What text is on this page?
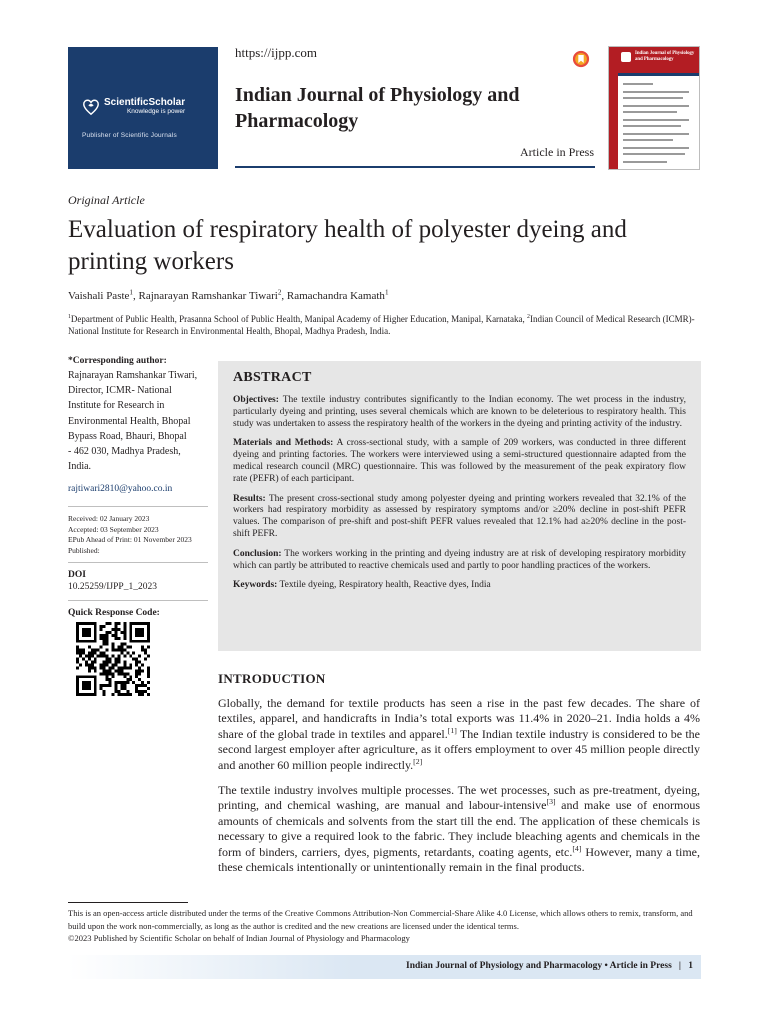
ScientificScholar
Knowledge is power
Publisher of Scientific Journals
https://ijpp.com
Indian Journal of Physiology and Pharmacology
Article in Press
Indian Journal of Physiology and Pharmacology
Original Article
Evaluation of respiratory health of polyester dyeing and printing workers
Vaishali Paste$^1$, Rajnarayan Ramshankar Tiwari$^2$, Ramachandra Kamath$^1$
$^1$Department of Public Health, Prasanna School of Public Health, Manipal Academy of Higher Education, Manipal, Karnataka, $^2$Indian Council of Medical Research (ICMR)-National Institute for Research in Environmental Health, Bhopal, Madhya Pradesh, India.
*Corresponding author:
Rajnarayan Ramshankar Tiwari,
Director, ICMR- National
Institute for Research in
Environmental Health, Bhopal
Bypass Road, Bhauri, Bhopal
- 462 030, Madhya Pradesh,
India.
rajtiwari2810@yahoo.co.in
Received: 02 January 2023
Accepted: 03 September 2023
EPub Ahead of Print: 01 November 2023
Published:
DOI
10.25259/IJPP_1_2023
Quick Response Code:
ABSTRACT

Objectives: The textile industry contributes significantly to the Indian economy. The wet process in the industry, particularly dyeing and printing, uses several chemicals which are known to be deleterious to respiratory health. This study was undertaken to assess the respiratory health of the workers in the dyeing and printing activity of the industry.

Materials and Methods: A cross-sectional study, with a sample of 209 workers, was conducted in three different dyeing and printing factories. The workers were interviewed using a semi-structured questionnaire adapted from the medical research council (MRC) questionnaire. This was followed by the measurement of the peak expiratory flow rate (PEFR) of each participant.

Results: The present cross-sectional study among polyester dyeing and printing workers revealed that 32.1% of the workers had respiratory morbidity as assessed by respiratory symptoms and/or ≥20% decline in post-shift PEFR values. The comparison of pre-shift and post-shift PEFR values revealed that 12.1% had a≥20% decline in the post-shift PEFR.

Conclusion: The workers working in the printing and dyeing industry are at risk of developing respiratory morbidity which can partly be attributed to reactive chemicals used and partly to poor handling practices of the workers.

Keywords: Textile dyeing, Respiratory health, Reactive dyes, India

INTRODUCTION

Globally, the demand for textile products has seen a rise in the past few decades. The share of textiles, apparel, and handicrafts in India’s total exports was 11.4% in 2020–21. India holds a 4% share of the global trade in textiles and apparel.[1] The Indian textile industry is considered to be the second largest employer after agriculture, as it offers employment to over 45 million people directly and another 60 million people indirectly.[2]

The textile industry involves multiple processes. The wet processes, such as pre-treatment, dyeing, printing, and chemical washing, are manual and labour-intensive[3] and make use of enormous amounts of chemicals and solvents from the start till the end. The application of these chemicals is necessary to give a required look to the fabric. They include bleaching agents and chemicals in the form of binders, carriers, dyes, pigments, retardants, coating agents, etc.[4] However, many a time, these chemicals intentionally or unintentionally remain in the final products.

This is an open-access article distributed under the terms of the Creative Commons Attribution-Non Commercial-Share Alike 4.0 License, which allows others to remix, transform, and build upon the work non-commercially, as long as the author is credited and the new creations are licensed under the identical terms.
©2023 Published by Scientific Scholar on behalf of Indian Journal of Physiology and Pharmacology
Indian Journal of Physiology and Pharmacology • Article in Press | 1
